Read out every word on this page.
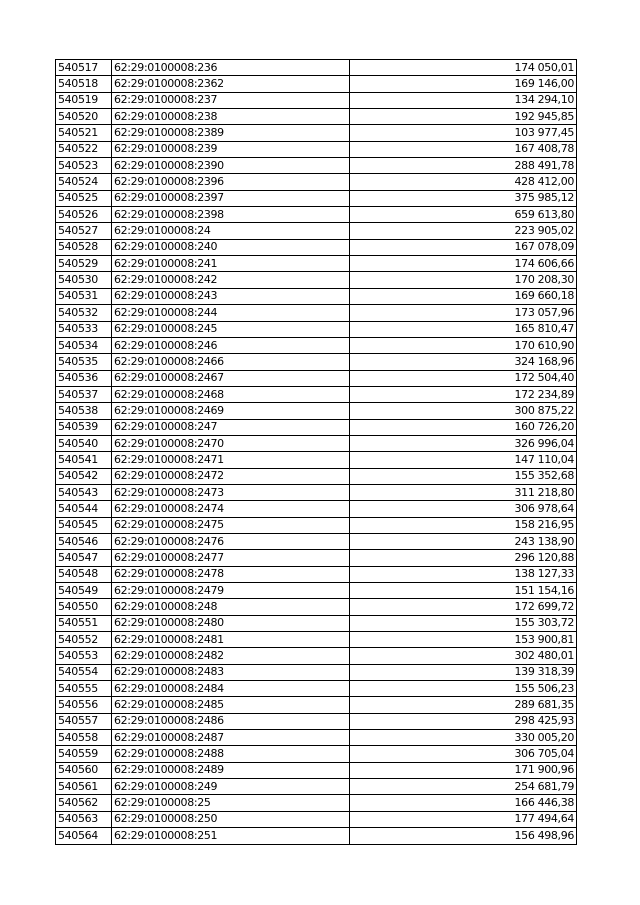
540517	62:29:0100008:236	174 050,01
540518	62:29:0100008:2362	169 146,00
540519	62:29:0100008:237	134 294,10
540520	62:29:0100008:238	192 945,85
540521	62:29:0100008:2389	103 977,45
540522	62:29:0100008:239	167 408,78
540523	62:29:0100008:2390	288 491,78
540524	62:29:0100008:2396	428 412,00
540525	62:29:0100008:2397	375 985,12
540526	62:29:0100008:2398	659 613,80
540527	62:29:0100008:24	223 905,02
540528	62:29:0100008:240	167 078,09
540529	62:29:0100008:241	174 606,66
540530	62:29:0100008:242	170 208,30
540531	62:29:0100008:243	169 660,18
540532	62:29:0100008:244	173 057,96
540533	62:29:0100008:245	165 810,47
540534	62:29:0100008:246	170 610,90
540535	62:29:0100008:2466	324 168,96
540536	62:29:0100008:2467	172 504,40
540537	62:29:0100008:2468	172 234,89
540538	62:29:0100008:2469	300 875,22
540539	62:29:0100008:247	160 726,20
540540	62:29:0100008:2470	326 996,04
540541	62:29:0100008:2471	147 110,04
540542	62:29:0100008:2472	155 352,68
540543	62:29:0100008:2473	311 218,80
540544	62:29:0100008:2474	306 978,64
540545	62:29:0100008:2475	158 216,95
540546	62:29:0100008:2476	243 138,90
540547	62:29:0100008:2477	296 120,88
540548	62:29:0100008:2478	138 127,33
540549	62:29:0100008:2479	151 154,16
540550	62:29:0100008:248	172 699,72
540551	62:29:0100008:2480	155 303,72
540552	62:29:0100008:2481	153 900,81
540553	62:29:0100008:2482	302 480,01
540554	62:29:0100008:2483	139 318,39
540555	62:29:0100008:2484	155 506,23
540556	62:29:0100008:2485	289 681,35
540557	62:29:0100008:2486	298 425,93
540558	62:29:0100008:2487	330 005,20
540559	62:29:0100008:2488	306 705,04
540560	62:29:0100008:2489	171 900,96
540561	62:29:0100008:249	254 681,79
540562	62:29:0100008:25	166 446,38
540563	62:29:0100008:250	177 494,64
540564	62:29:0100008:251	156 498,96
